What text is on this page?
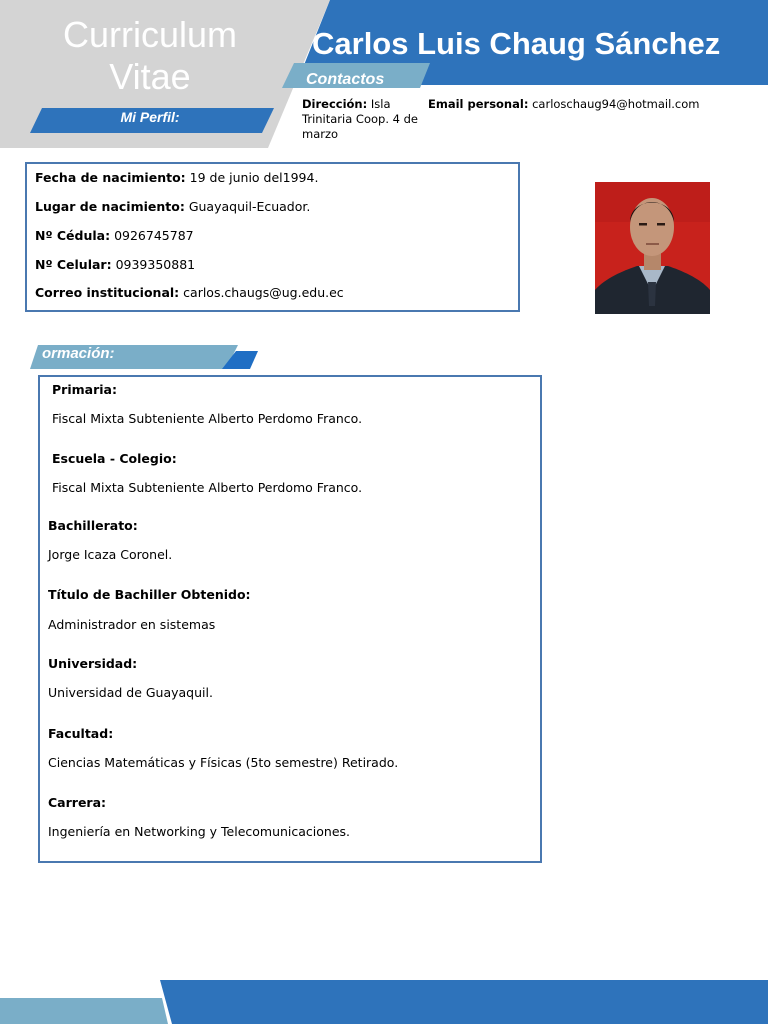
Curriculum
Vitae
Carlos Luis Chaug Sánchez
Contactos
Mi Perfil:
Dirección: Isla Trinitaria Coop. 4 de marzo
Email personal: carloschaug94@hotmail.com
Fecha de nacimiento: 19 de junio del1994.
Lugar de nacimiento: Guayaquil-Ecuador.
Nº Cédula: 0926745787
Nº Celular: 0939350881
Correo institucional: carlos.chaugs@ug.edu.ec
ormación:
Primaria:
Fiscal Mixta Subteniente Alberto Perdomo Franco.
Escuela - Colegio:
Fiscal Mixta Subteniente Alberto Perdomo Franco.
Bachillerato:
Jorge Icaza Coronel.
Título de Bachiller Obtenido:
Administrador en sistemas
Universidad:
Universidad de Guayaquil.
Facultad:
Ciencias Matemáticas y Físicas (5to semestre) Retirado.
Carrera:
Ingeniería en Networking y Telecomunicaciones.
